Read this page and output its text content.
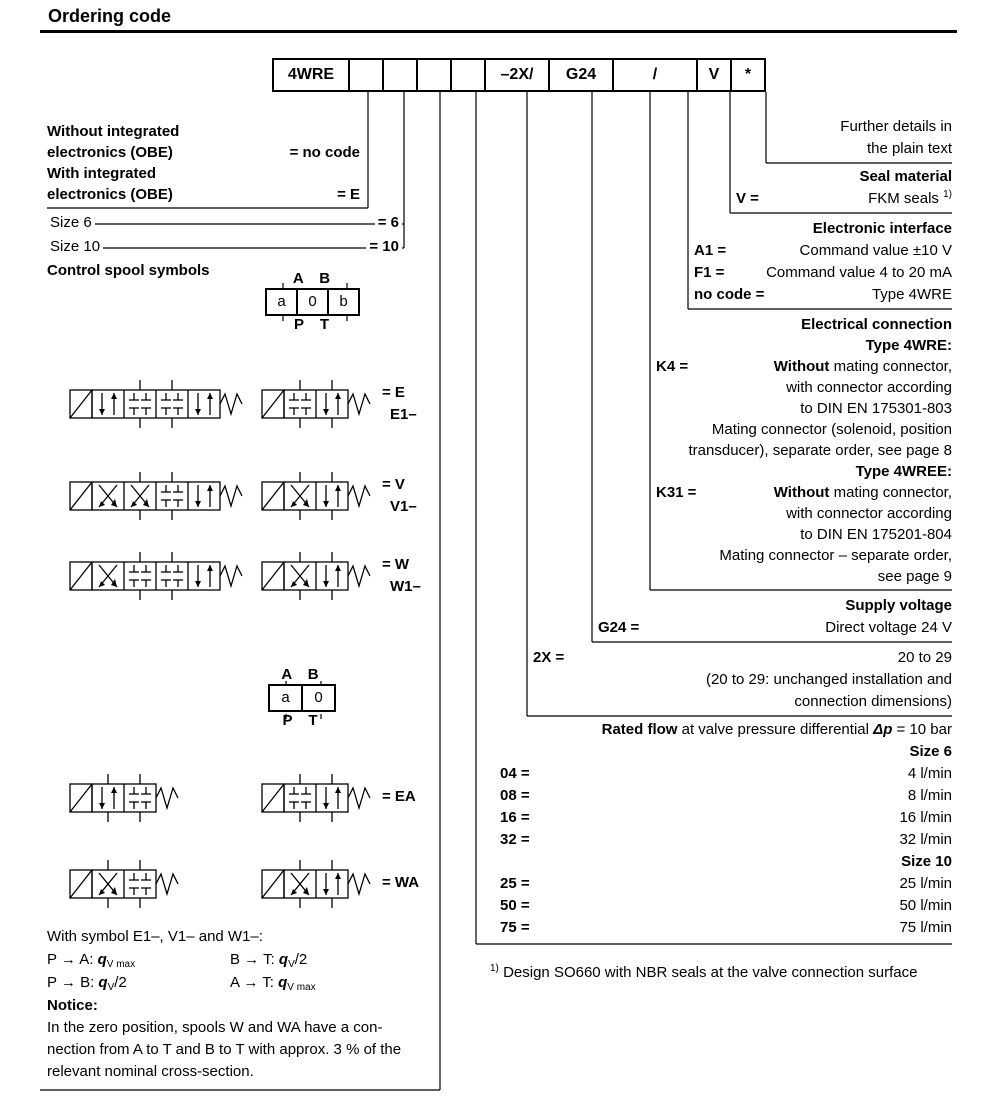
Ordering code
4WRE	–2X/	G24	/	V	*
Without integrated
electronics (OBE)	= no code
With integrated
electronics (OBE)	= E
Size 6	= 6
Size 10	= 10
Control spool symbols	A B
a	0	b
P T
= E
E1–
= V
V1–
= W
W1–
= EA
= WA
A B
a	0
P T
With symbol E1–, V1– and W1–:
P → A: $q_{V max}$	B → T: $q_V/2$
P → B: $q_V/2$	A → T: $q_{V max}$
Notice:
In the zero position, spools W and WA have a con-
nection from A to T and B to T with approx. 3 % of the
relevant nominal cross-section.
Further details in
the plain text
Seal material
V =	FKM seals $^{1)}$
Electronic interface
A1 =	Command value ±10 V
F1 =	Command value 4 to 20 mA
no code =	Type 4WRE
Electrical connection
Type 4WRE:
K4 =	Without mating connector,
with connector according
to DIN EN 175301-803
Mating connector (solenoid, position
transducer), separate order, see page 8
Type 4WREE:
K31 =	Without mating connector,
with connector according
to DIN EN 175201-804
Mating connector – separate order,
see page 9
Supply voltage
G24 =	Direct voltage 24 V
2X =	20 to 29
(20 to 29: unchanged installation and
connection dimensions)
Rated flow at valve pressure differential Δp = 10 bar
Size 6
04 =	4 l/min
08 =	8 l/min
16 =	16 l/min
32 =	32 l/min
Size 10
25 =	25 l/min
50 =	50 l/min
75 =	75 l/min
$^{1)}$ Design SO660 with NBR seals at the valve connection surface
